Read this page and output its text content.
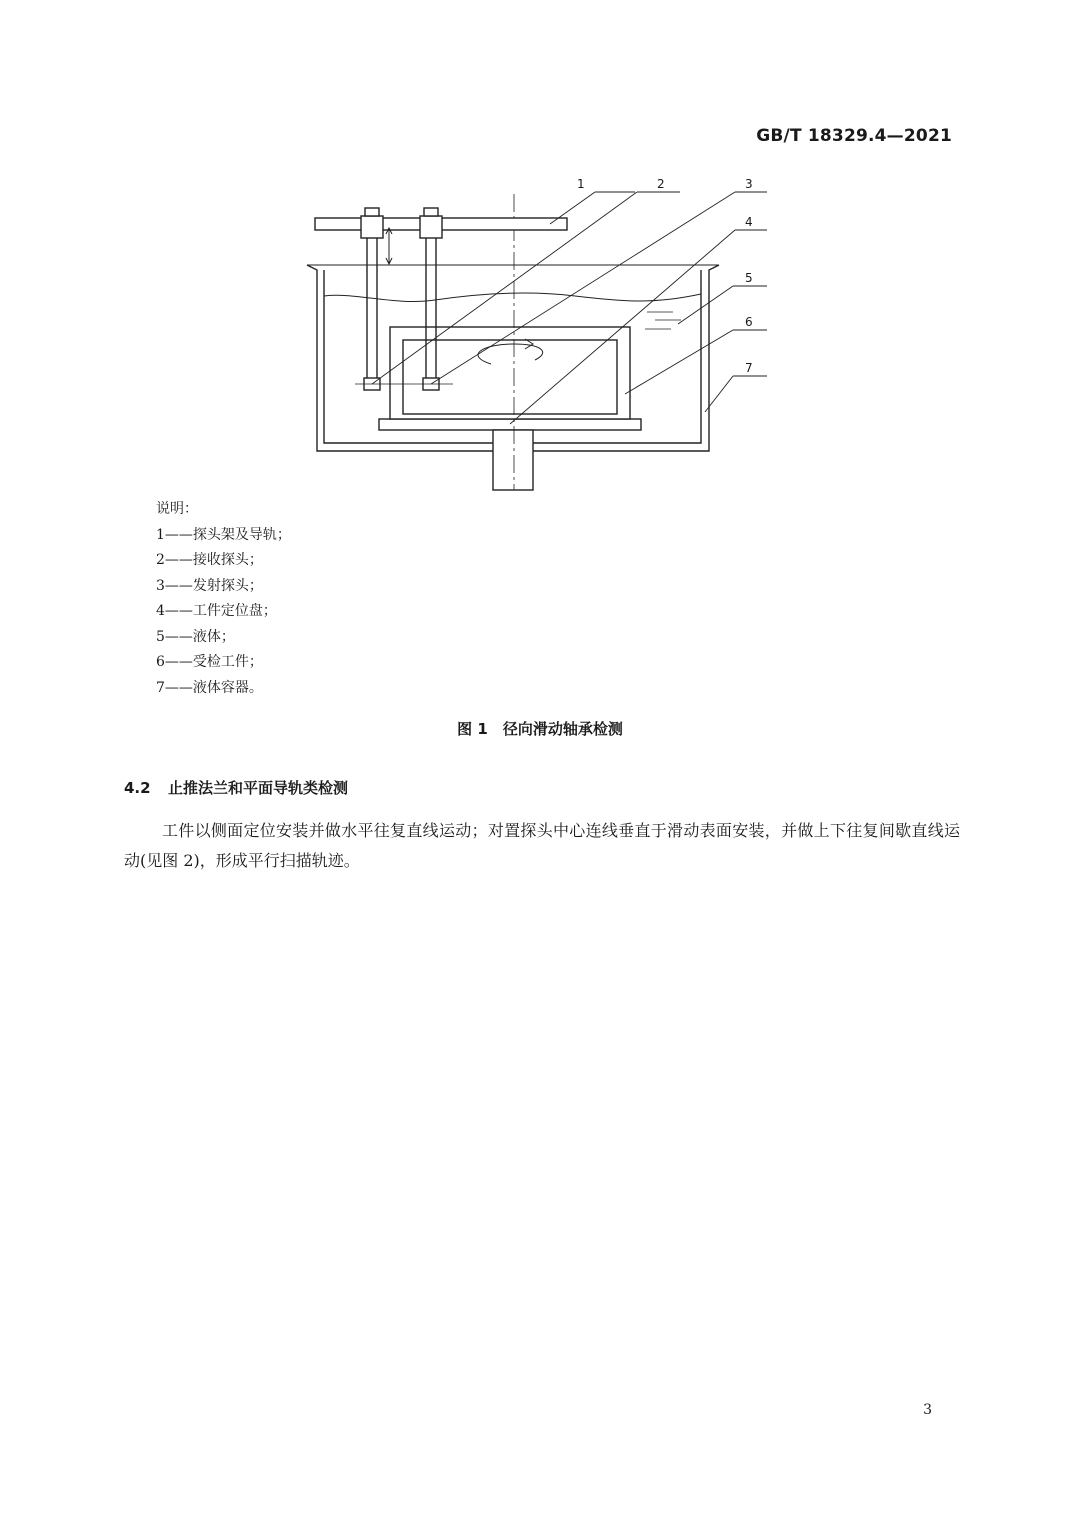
GB/T 18329.4—2021
1	2	3
4
5
6
7
说明：
1——探头架及导轨；
2——接收探头；
3——发射探头；
4——工件定位盘；
5——液体；
6——受检工件；
7——液体容器。
图 1　径向滑动轴承检测
4.2 止推法兰和平面导轨类检测
工件以侧面定位安装并做水平往复直线运动；对置探头中心连线垂直于滑动表面安装，并做上下往复间歇直线运动(见图 2)，形成平行扫描轨迹。
3
